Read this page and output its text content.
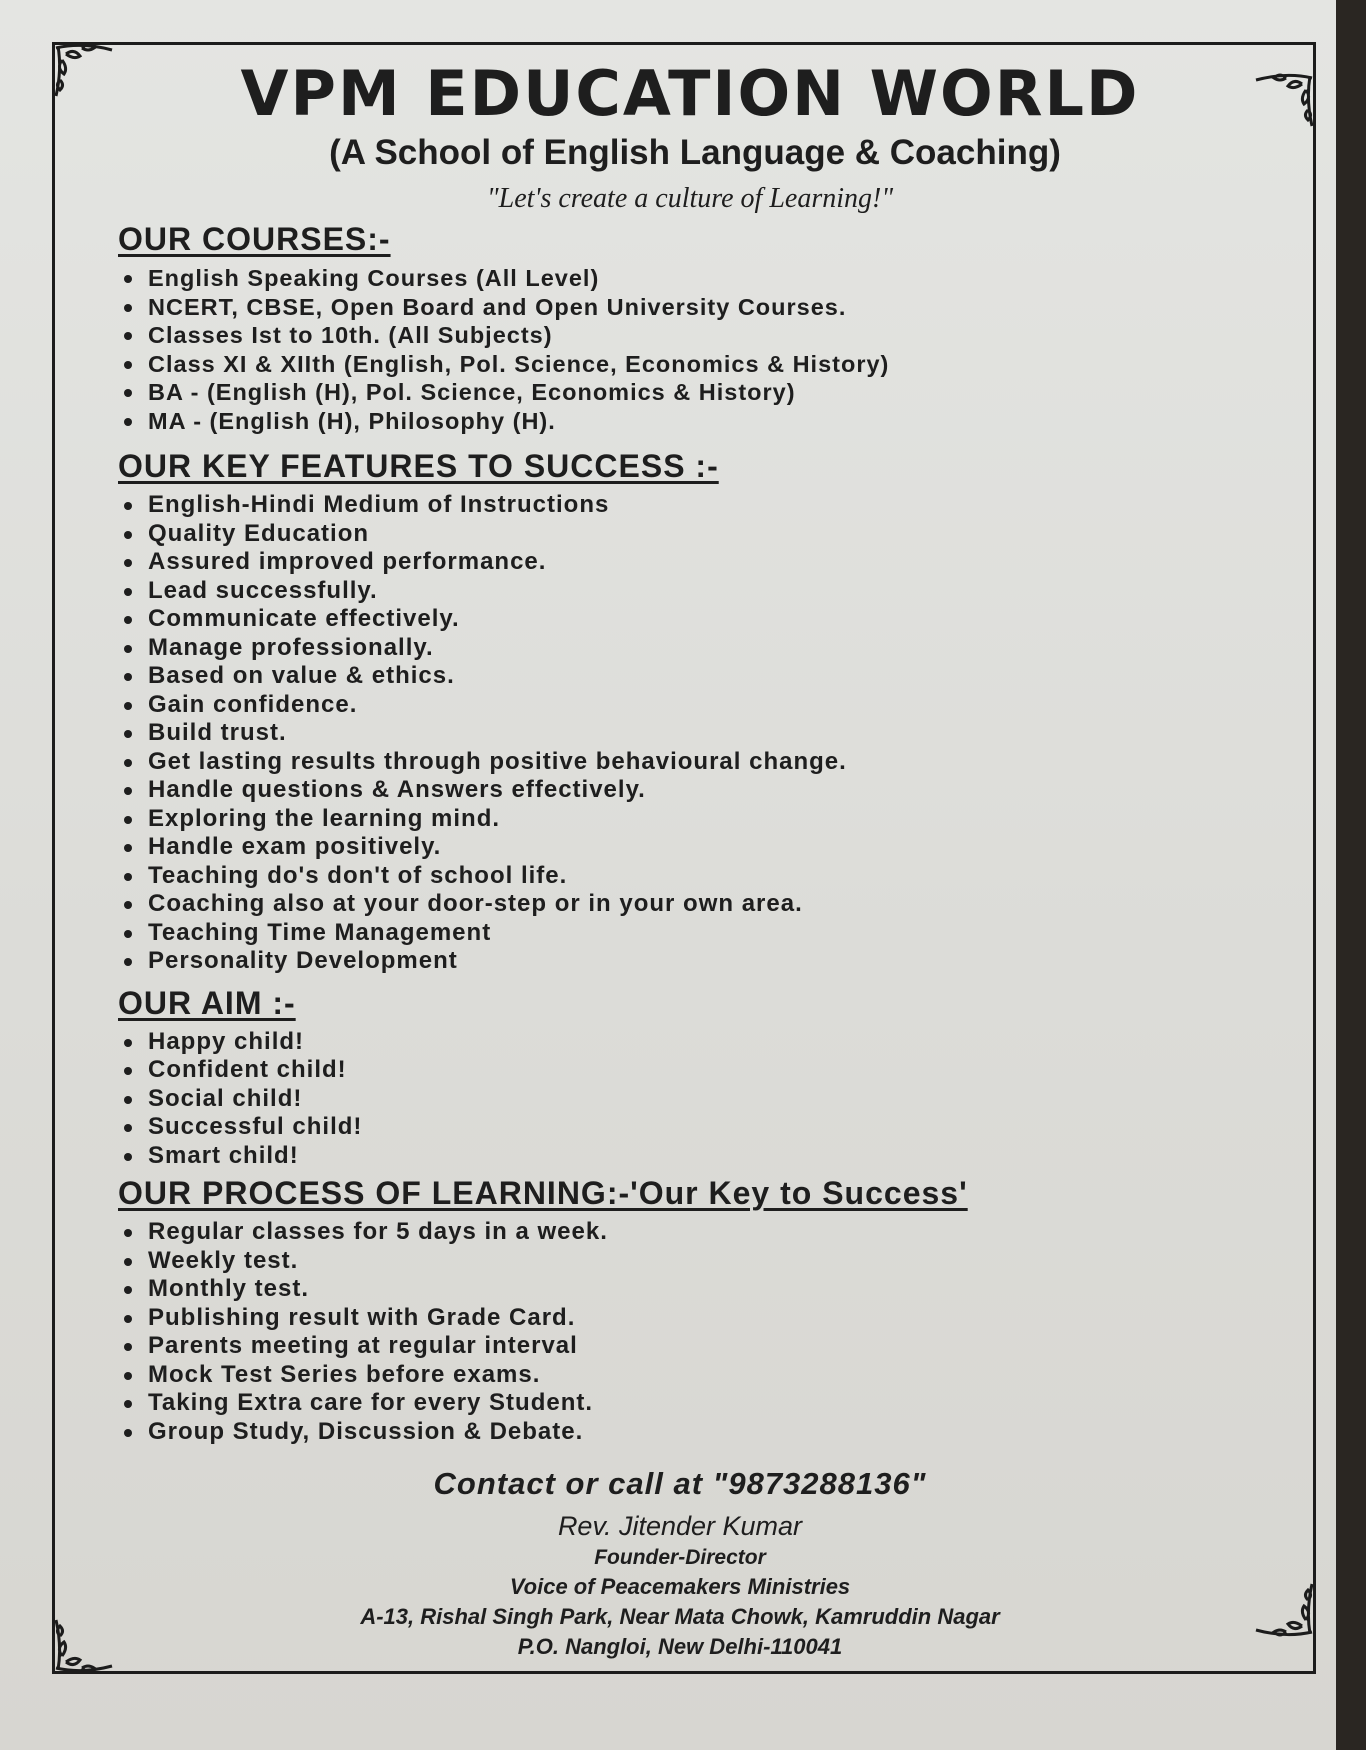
VPM EDUCATION WORLD
(A School of English Language & Coaching)
"Let's create a culture of Learning!"
OUR COURSES:-
English Speaking Courses (All Level)
NCERT, CBSE, Open Board and Open University Courses.
Classes Ist to 10th. (All Subjects)
Class XI & XIIth (English, Pol. Science, Economics & History)
BA - (English (H), Pol. Science, Economics & History)
MA - (English (H), Philosophy (H).
OUR KEY FEATURES TO SUCCESS :-
English-Hindi Medium of Instructions
Quality Education
Assured improved performance.
Lead successfully.
Communicate effectively.
Manage professionally.
Based on value & ethics.
Gain confidence.
Build trust.
Get lasting results through positive behavioural change.
Handle questions & Answers effectively.
Exploring the learning mind.
Handle exam positively.
Teaching do's don't of school life.
Coaching also at your door-step or in your own area.
Teaching Time Management
Personality Development
OUR AIM :-
Happy child!
Confident child!
Social child!
Successful child!
Smart child!
OUR PROCESS OF LEARNING:-'Our Key to Success'
Regular classes for 5 days in a week.
Weekly test.
Monthly test.
Publishing result with Grade Card.
Parents meeting at regular interval
Mock Test Series before exams.
Taking Extra care for every Student.
Group Study, Discussion & Debate.
Contact or call at "9873288136"
Rev. Jitender Kumar
Founder-Director
Voice of Peacemakers Ministries
A-13, Rishal Singh Park, Near Mata Chowk, Kamruddin Nagar
P.O. Nangloi, New Delhi-110041
